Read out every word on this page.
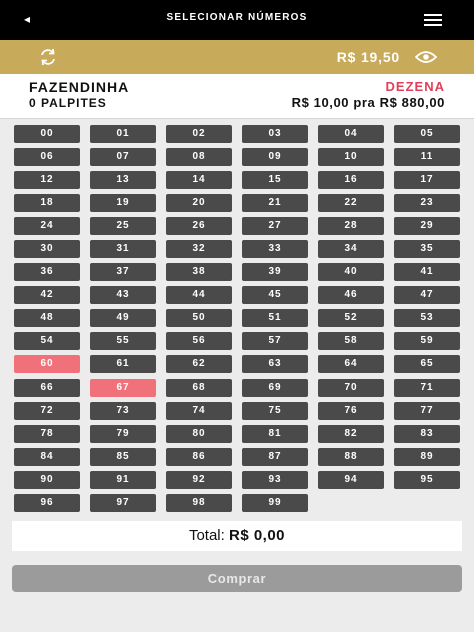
◂	SELECIONAR NÚMEROS
R$ 19,50
FAZENDINHA	DEZENA
0 PALPITES	R$ 10,00 pra R$ 880,00
00	01	02	03	04	05
06	07	08	09	10	11
12	13	14	15	16	17
18	19	20	21	22	23
24	25	26	27	28	29
30	31	32	33	34	35
36	37	38	39	40	41
42	43	44	45	46	47
48	49	50	51	52	53
54	55	56	57	58	59
60	61	62	63	64	65
66	67	68	69	70	71
72	73	74	75	76	77
78	79	80	81	82	83
84	85	86	87	88	89
90	91	92	93	94	95
96	97	98	99
Total: R$ 0,00
Comprar
